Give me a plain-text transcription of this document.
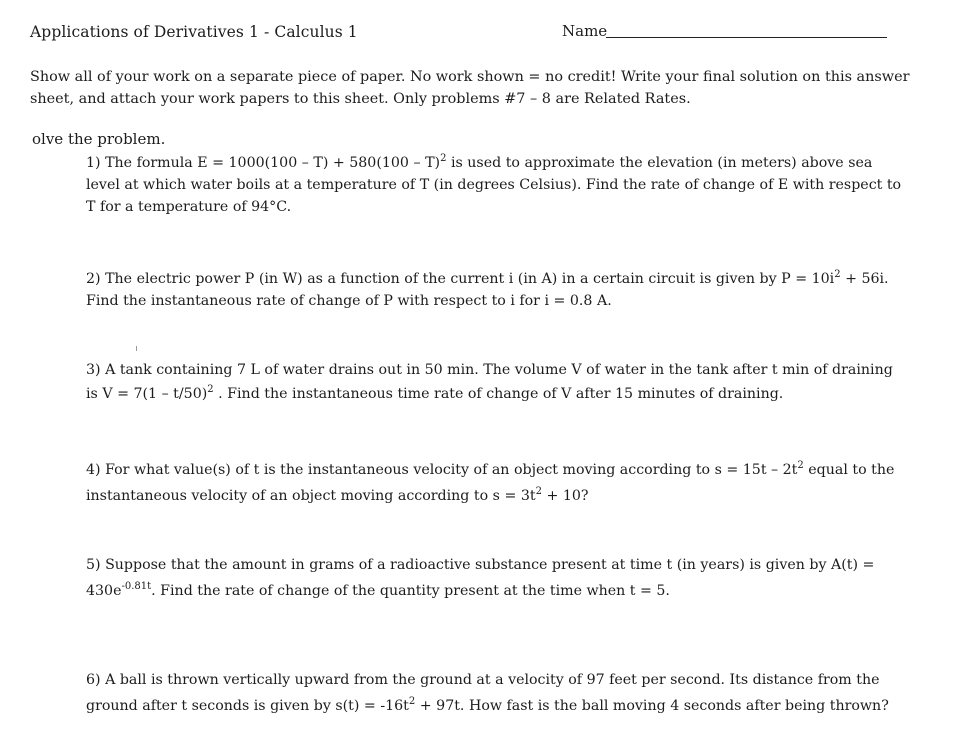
Applications of Derivatives 1 - Calculus 1	Name
Show all of your work on a separate piece of paper. No work shown = no credit! Write your final solution on this answer sheet, and attach your work papers to this sheet. Only problems #7 – 8 are Related Rates.
olve the problem.
1) The formula E = 1000(100 – T) + 580(100 – T)$^2$ is used to approximate the elevation (in meters) above sea level at which water boils at a temperature of T (in degrees Celsius). Find the rate of change of E with respect to T for a temperature of 94°C.
2) The electric power P (in W) as a function of the current i (in A) in a certain circuit is given by $P = 10i^2 + 56i$. Find the instantaneous rate of change of P with respect to i for i = 0.8 A.
3) A tank containing 7 L of water drains out in 50 min. The volume V of water in the tank after t min of draining is V = 7(1 – t/50)$^2$ . Find the instantaneous time rate of change of V after 15 minutes of draining.
4) For what value(s) of t is the instantaneous velocity of an object moving according to $s = 15t - 2t^2$ equal to the instantaneous velocity of an object moving according to $s = 3t^2 + 10$?
5) Suppose that the amount in grams of a radioactive substance present at time t (in years) is given by $A(t) = 430e^{-0.81t}$. Find the rate of change of the quantity present at the time when t = 5.
6) A ball is thrown vertically upward from the ground at a velocity of 97 feet per second. Its distance from the ground after t seconds is given by $s(t) = -16t^2 + 97t$. How fast is the ball moving 4 seconds after being thrown?
